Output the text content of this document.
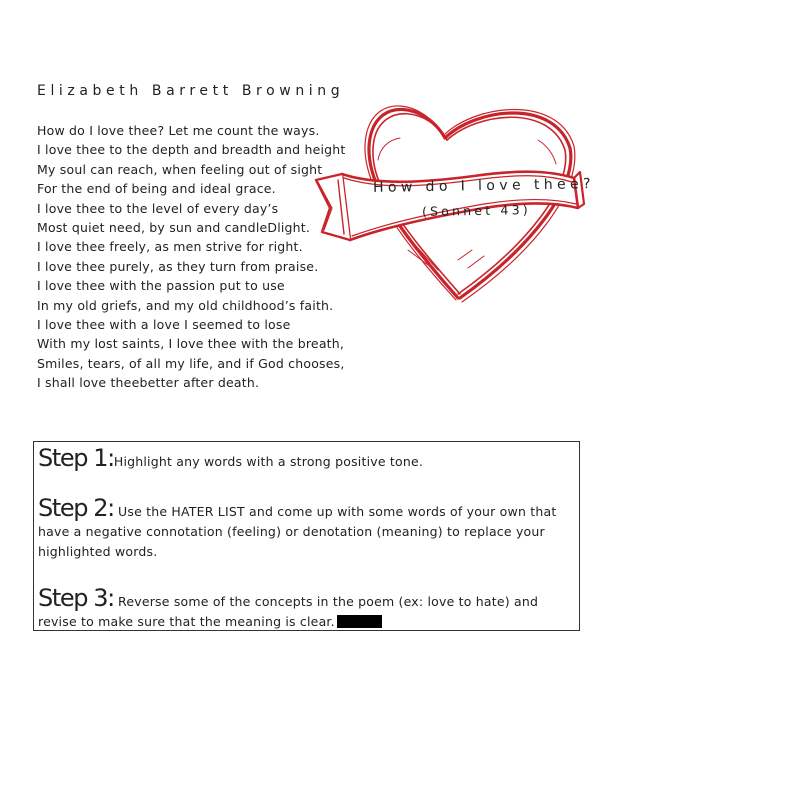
Elizabeth Barrett Browning
How do I love thee? Let me count the ways.
I love thee to the depth and breadth and height
My soul can reach, when feeling out of sight
For the end of being and ideal grace.
I love thee to the level of every day’s
Most quiet need, by sun and candleDlight.
I love thee freely, as men strive for right.
I love thee purely, as they turn from praise.
I love thee with the passion put to use
In my old griefs, and my old childhood’s faith.
I love thee with a love I seemed to lose
With my lost saints, I love thee with the breath,
Smiles, tears, of all my life, and if God chooses,
I shall love theebetter after death.
How do I love thee?
(Sonnet 43)
Step 1:Highlight any words with a strong positive tone.
Step 2: Use the HATER LIST and come up with some words of your own that have a negative connotation (feeling) or denotation (meaning) to replace your highlighted words.
Step 3: Reverse some of the concepts in the poem (ex: love to hate) and revise to make sure that the meaning is clear.
